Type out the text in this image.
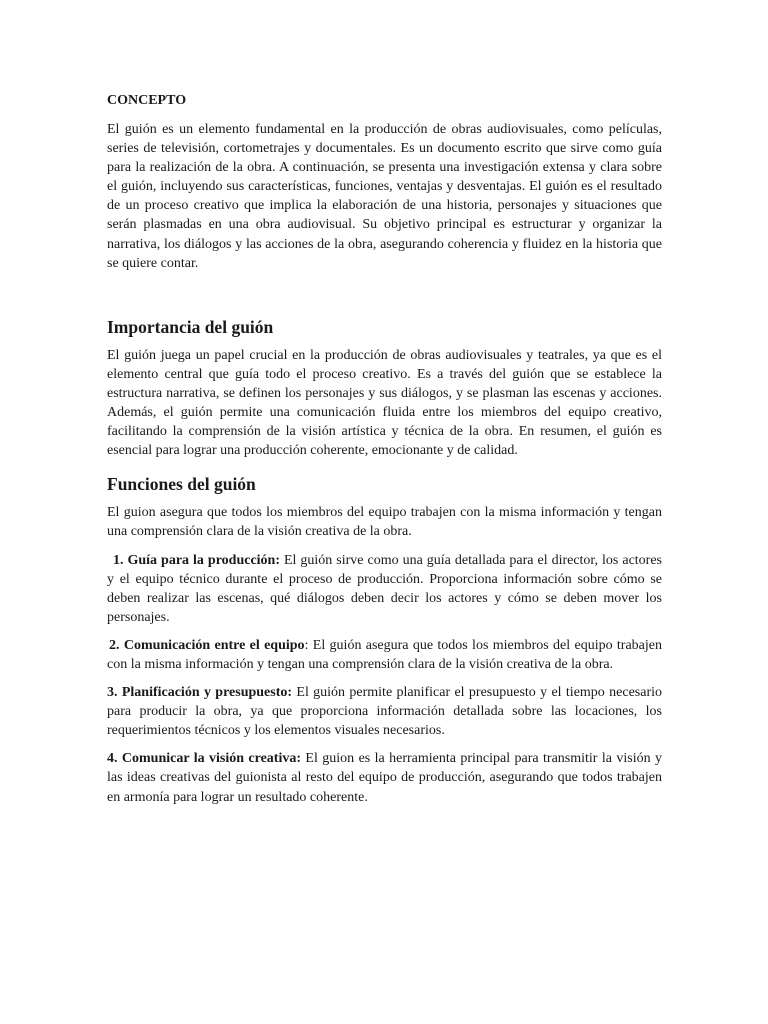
CONCEPTO

El guión es un elemento fundamental en la producción de obras audiovisuales, como películas, series de televisión, cortometrajes y documentales. Es un documento escrito que sirve como guía para la realización de la obra. A continuación, se presenta una investigación extensa y clara sobre el guión, incluyendo sus características, funciones, ventajas y desventajas. El guión es el resultado de un proceso creativo que implica la elaboración de una historia, personajes y situaciones que serán plasmadas en una obra audiovisual. Su objetivo principal es estructurar y organizar la narrativa, los diálogos y las acciones de la obra, asegurando coherencia y fluidez en la historia que se quiere contar.

Importancia del guión

El guión juega un papel crucial en la producción de obras audiovisuales y teatrales, ya que es el elemento central que guía todo el proceso creativo. Es a través del guión que se establece la estructura narrativa, se definen los personajes y sus diálogos, y se plasman las escenas y acciones. Además, el guión permite una comunicación fluida entre los miembros del equipo creativo, facilitando la comprensión de la visión artística y técnica de la obra. En resumen, el guión es esencial para lograr una producción coherente, emocionante y de calidad.

Funciones del guión

El guion asegura que todos los miembros del equipo trabajen con la misma información y tengan una comprensión clara de la visión creativa de la obra.

1. Guía para la producción: El guión sirve como una guía detallada para el director, los actores y el equipo técnico durante el proceso de producción. Proporciona información sobre cómo se deben realizar las escenas, qué diálogos deben decir los actores y cómo se deben mover los personajes.

2. Comunicación entre el equipo: El guión asegura que todos los miembros del equipo trabajen con la misma información y tengan una comprensión clara de la visión creativa de la obra.

3. Planificación y presupuesto: El guión permite planificar el presupuesto y el tiempo necesario para producir la obra, ya que proporciona información detallada sobre las locaciones, los requerimientos técnicos y los elementos visuales necesarios.

4. Comunicar la visión creativa: El guion es la herramienta principal para transmitir la visión y las ideas creativas del guionista al resto del equipo de producción, asegurando que todos trabajen en armonía para lograr un resultado coherente.
